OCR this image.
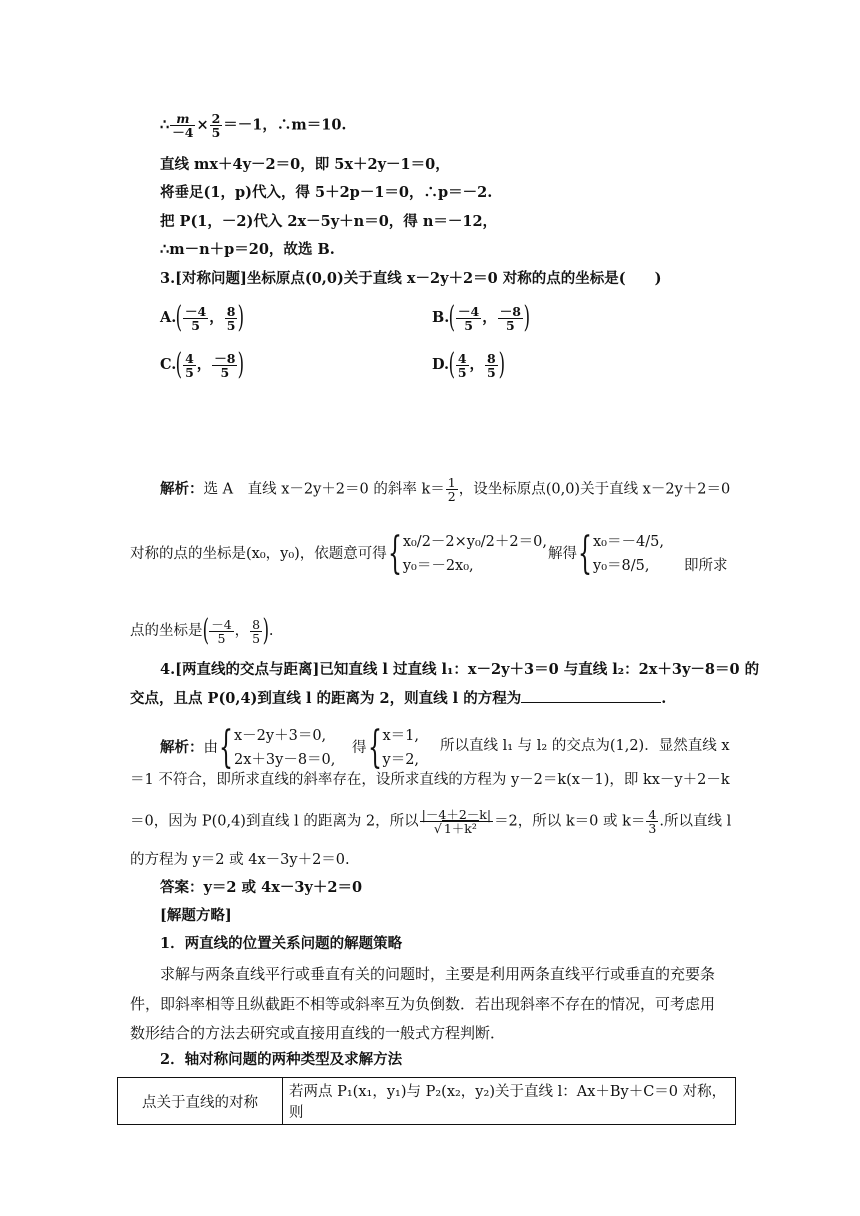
∴ $\frac{m}{-4} \times \frac{2}{5} =-1$，∴m＝10.
直线 mx＋4y－2＝0，即 5x＋2y－1＝0，
将垂足(1，p)代入，得 5＋2p－1＝0，∴p＝－2.
把 P(1，－2)代入 2x－5y＋n＝0，得 n＝－12，
∴m－n＋p＝20，故选 B.
3.[对称问题]坐标原点(0,0)关于直线 x－2y＋2＝0 对称的点的坐标是(　　)
$A.( \frac{-4}{5}$ ， $\frac{8}{5}$ )	$B.( \frac{-4}{5}$ ， $\frac{-8}{5}$ )
$C.( \frac{4}{5}$ ， $\frac{-8}{5}$ )	$D.( \frac{4}{5}$ ， $\frac{8}{5}$ )
解析：选 A　直线 x－2y＋2＝0 的斜率 $k= \frac{1}{2}$ ，设坐标原点(0,0)关于直线 x－2y＋2＝0
对称的点的坐标是(x₀，y₀)，依题意可得{ x₀/2－2×y₀/2＋2＝0,
y₀＝－2x₀,
解得{ x₀＝－4/5,
y₀＝8/5,	即所求
点的坐标是( $\frac{-4}{5}$ ， $\frac{8}{5}$ ).
4.[两直线的交点与距离]已知直线 l 过直线 l₁：x－2y＋3＝0 与直线 l₂：2x＋3y－8＝0 的
交点，且点 P(0,4)到直线 l 的距离为 2，则直线 l 的方程为	.
解析：由{ x－2y＋3＝0,
2x＋3y－8＝0,
得{ x＝1,
y＝2,
所以直线 l₁ 与 l₂ 的交点为(1,2)．显然直线 x
＝1 不符合，即所求直线的斜率存在，设所求直线的方程为 y－2＝k(x－1)，即 kx－y＋2－k
＝0，因为 P(0,4)到直线 l 的距离为 2，所以 $\frac{|-4+2-k|}{\text{√ 1＋k²}} =2$，所以 k＝0 或 $k= \frac{4}{3}$ .所以直线 l
的方程为 y＝2 或 4x－3y＋2＝0.
答案：y＝2 或 4x－3y＋2＝0
[解题方略]
1．两直线的位置关系问题的解题策略
求解与两条直线平行或垂直有关的问题时，主要是利用两条直线平行或垂直的充要条
件，即斜率相等且纵截距不相等或斜率互为负倒数．若出现斜率不存在的情况，可考虑用
数形结合的方法去研究或直接用直线的一般式方程判断．
2．轴对称问题的两种类型及求解方法
点关于直线的对称	若两点 P₁(x₁，y₁)与 P₂(x₂，y₂)关于直线 l：Ax＋By＋C＝0 对称，则
